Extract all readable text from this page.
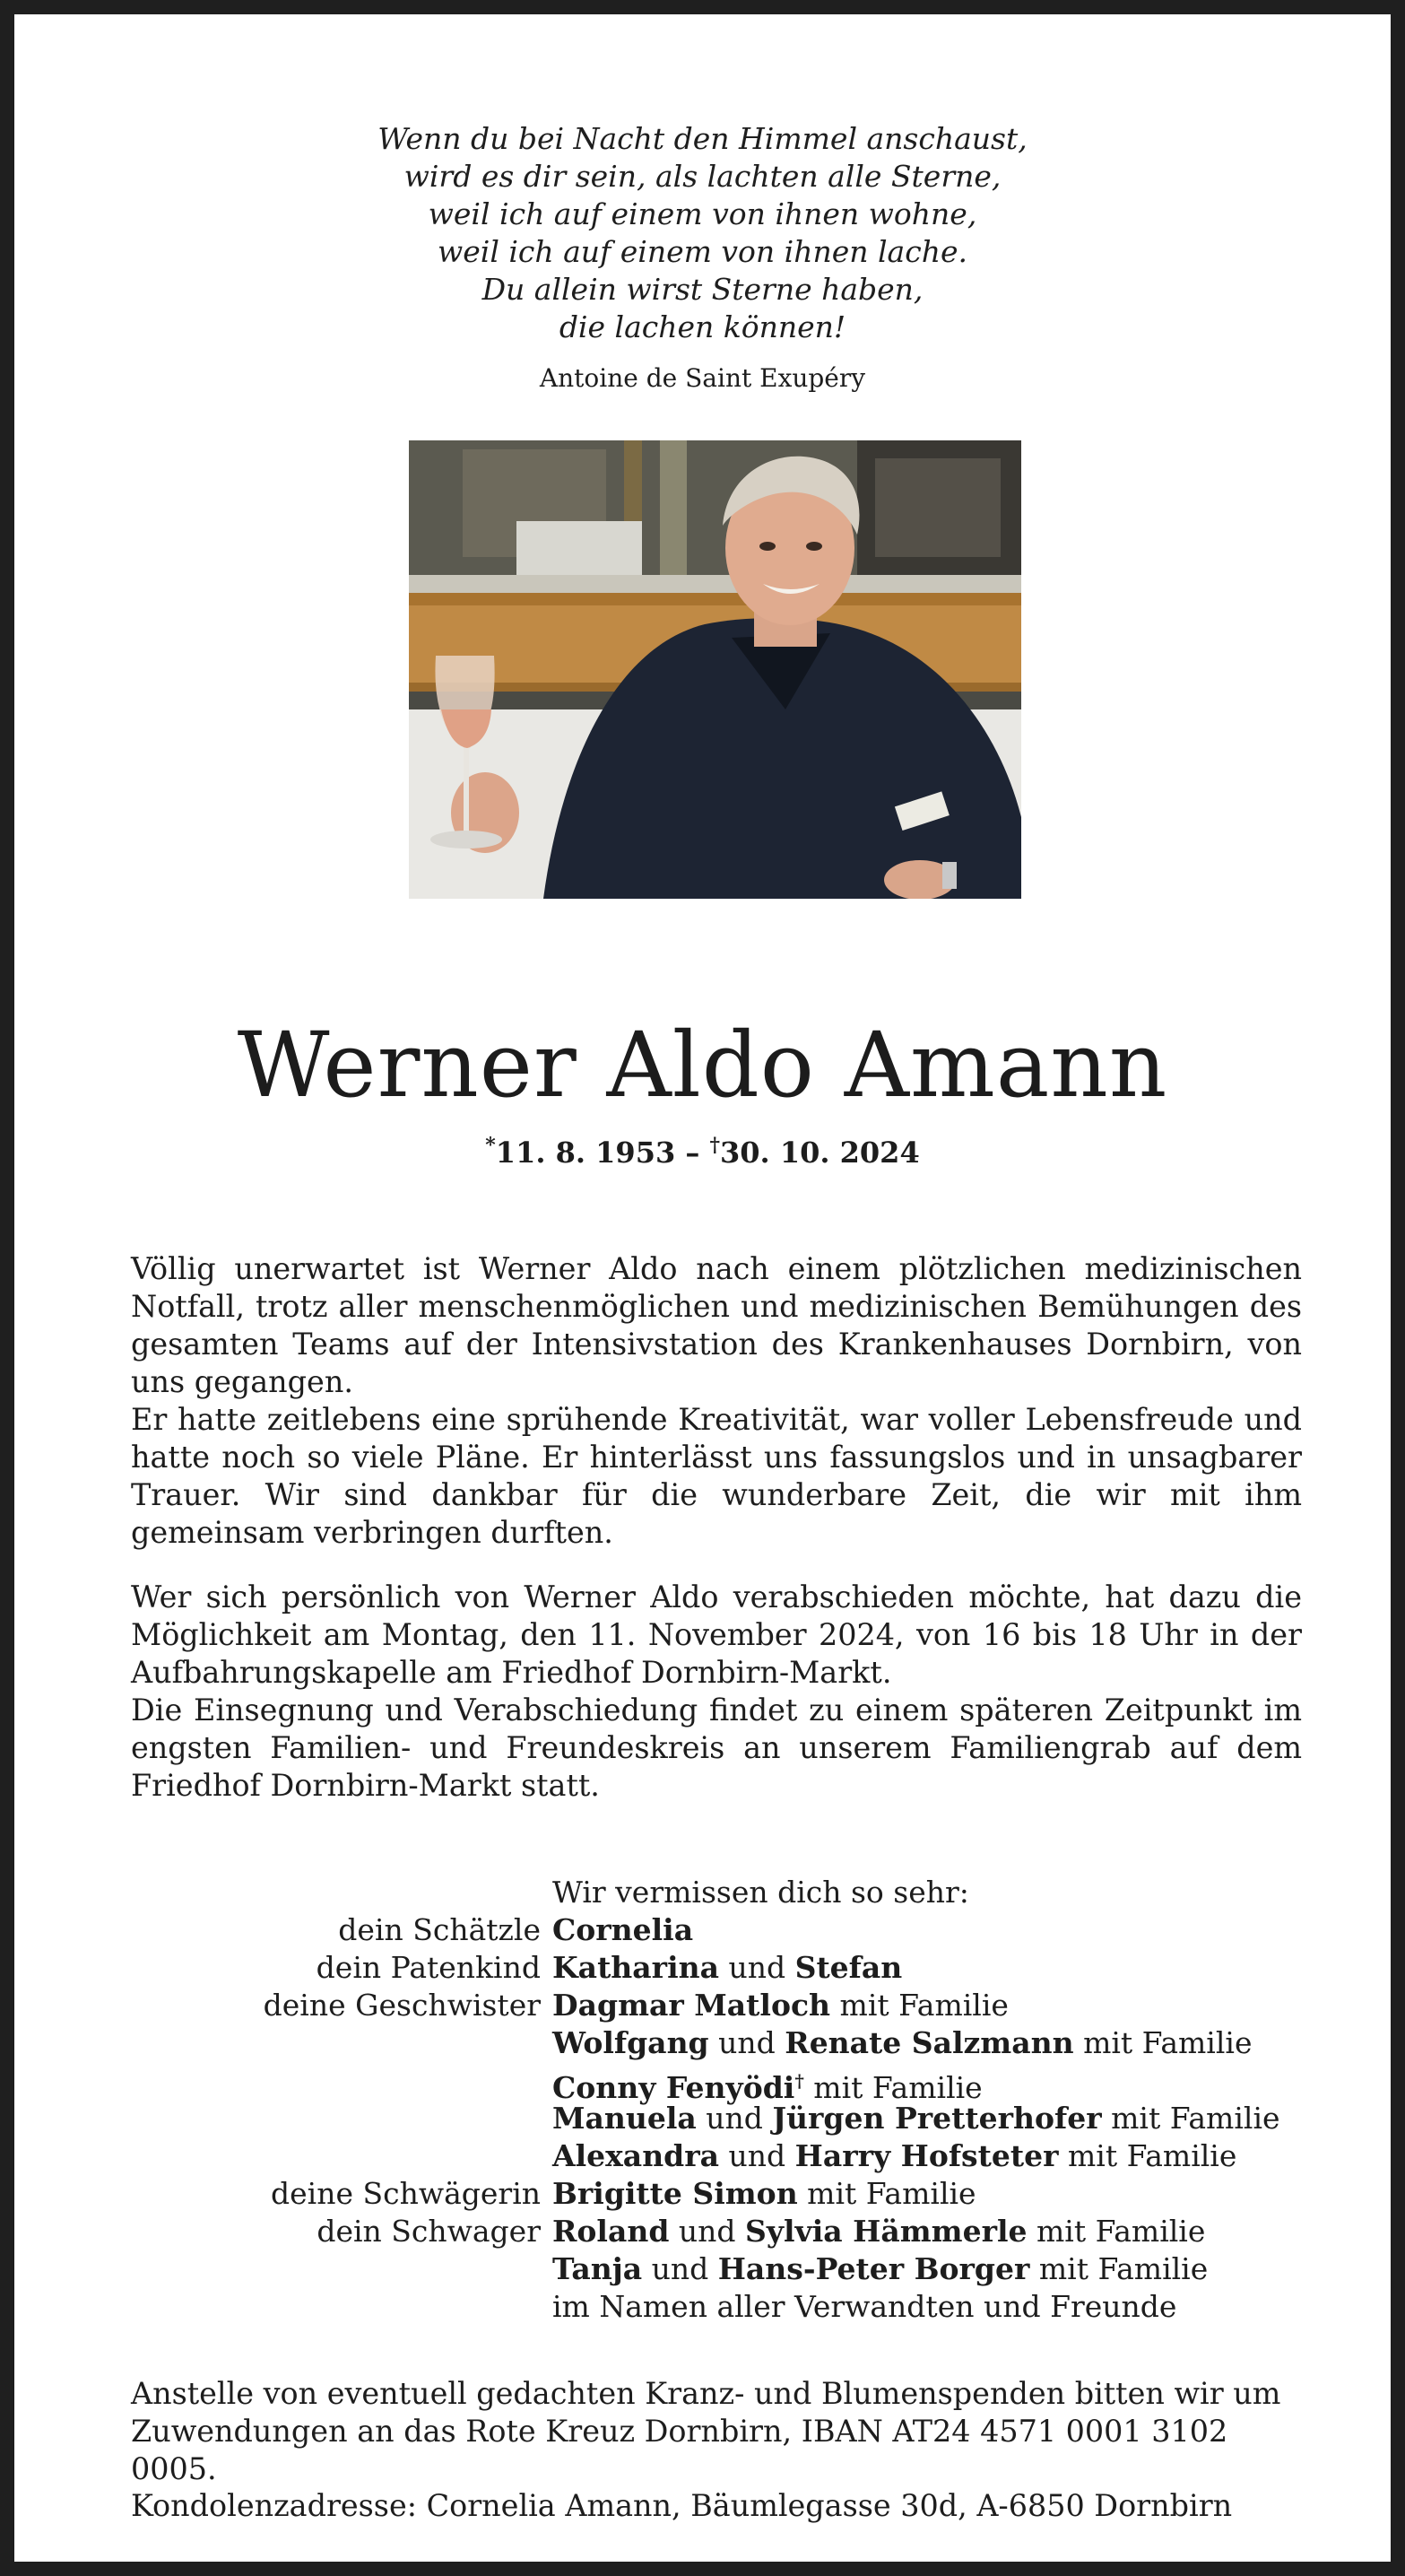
Wenn du bei Nacht den Himmel anschaust,
wird es dir sein, als lachten alle Sterne,
weil ich auf einem von ihnen wohne,
weil ich auf einem von ihnen lache.
Du allein wirst Sterne haben,
die lachen können!
Antoine de Saint Exupéry
Werner Aldo Amann
*11. 8. 1953 – †30. 10. 2024

Völlig unerwartet ist Werner Aldo nach einem plötzlichen medizinischen Notfall, trotz aller menschenmöglichen und medizinischen Bemühungen des gesamten Teams auf der Intensivstation des Krankenhauses Dornbirn, von uns gegangen.

Er hatte zeitlebens eine sprühende Kreativität, war voller Lebensfreude und hatte noch so viele Pläne. Er hinterlässt uns fassungslos und in unsagbarer Trauer. Wir sind dankbar für die wunderbare Zeit, die wir mit ihm gemeinsam verbringen durften.

Wer sich persönlich von Werner Aldo verabschieden möchte, hat dazu die Möglichkeit am Montag, den 11. November 2024, von 16 bis 18 Uhr in der Aufbahrungskapelle am Friedhof Dornbirn-Markt.

Die Einsegnung und Verabschiedung findet zu einem späteren Zeitpunkt im engsten Familien- und Freundeskreis an unserem Familiengrab auf dem Friedhof Dornbirn-Markt statt.

Wir vermissen dich so sehr:
dein Schätzle Cornelia
dein Patenkind Katharina und Stefan
deine Geschwister Dagmar Matloch mit Familie
Wolfgang und Renate Salzmann mit Familie
Conny Fenyödi† mit Familie
Manuela und Jürgen Pretterhofer mit Familie
Alexandra und Harry Hofsteter mit Familie
deine Schwägerin Brigitte Simon mit Familie
dein Schwager Roland und Sylvia Hämmerle mit Familie
Tanja und Hans-Peter Borger mit Familie
im Namen aller Verwandten und Freunde
Anstelle von eventuell gedachten Kranz- und Blumenspenden bitten wir um Zuwendungen an das Rote Kreuz Dornbirn, IBAN AT24 4571 0001 3102 0005.
Kondolenzadresse: Cornelia Amann, Bäumlegasse 30d, A-6850 Dornbirn
